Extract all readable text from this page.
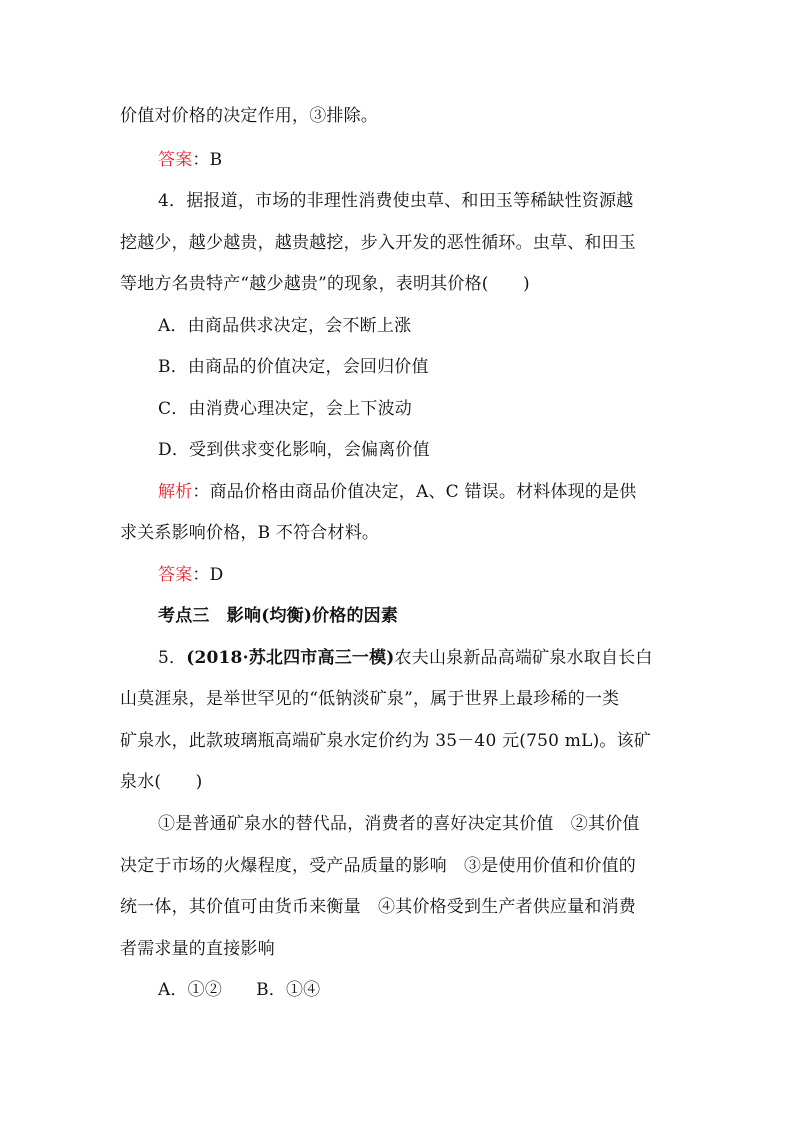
价值对价格的决定作用，③排除。
答案：B
4．据报道，市场的非理性消费使虫草、和田玉等稀缺性资源越
挖越少，越少越贵，越贵越挖，步入开发的恶性循环。虫草、和田玉
等地方名贵特产“越少越贵”的现象，表明其价格(　　)
A．由商品供求决定，会不断上涨
B．由商品的价值决定，会回归价值
C．由消费心理决定，会上下波动
D．受到供求变化影响，会偏离价值
解析：商品价格由商品价值决定，A、C 错误。材料体现的是供
求关系影响价格，B 不符合材料。
答案：D
考点三　影响(均衡)价格的因素
5．(2018·苏北四市高三一模)农夫山泉新品高端矿泉水取自长白
山莫涯泉，是举世罕见的“低钠淡矿泉”，属于世界上最珍稀的一类
矿泉水，此款玻璃瓶高端矿泉水定价约为 35－40 元(750 mL)。该矿
泉水(　　)
①是普通矿泉水的替代品，消费者的喜好决定其价值　②其价值
决定于市场的火爆程度，受产品质量的影响　③是使用价值和价值的
统一体，其价值可由货币来衡量　④其价格受到生产者供应量和消费
者需求量的直接影响
A．①② B．①④
